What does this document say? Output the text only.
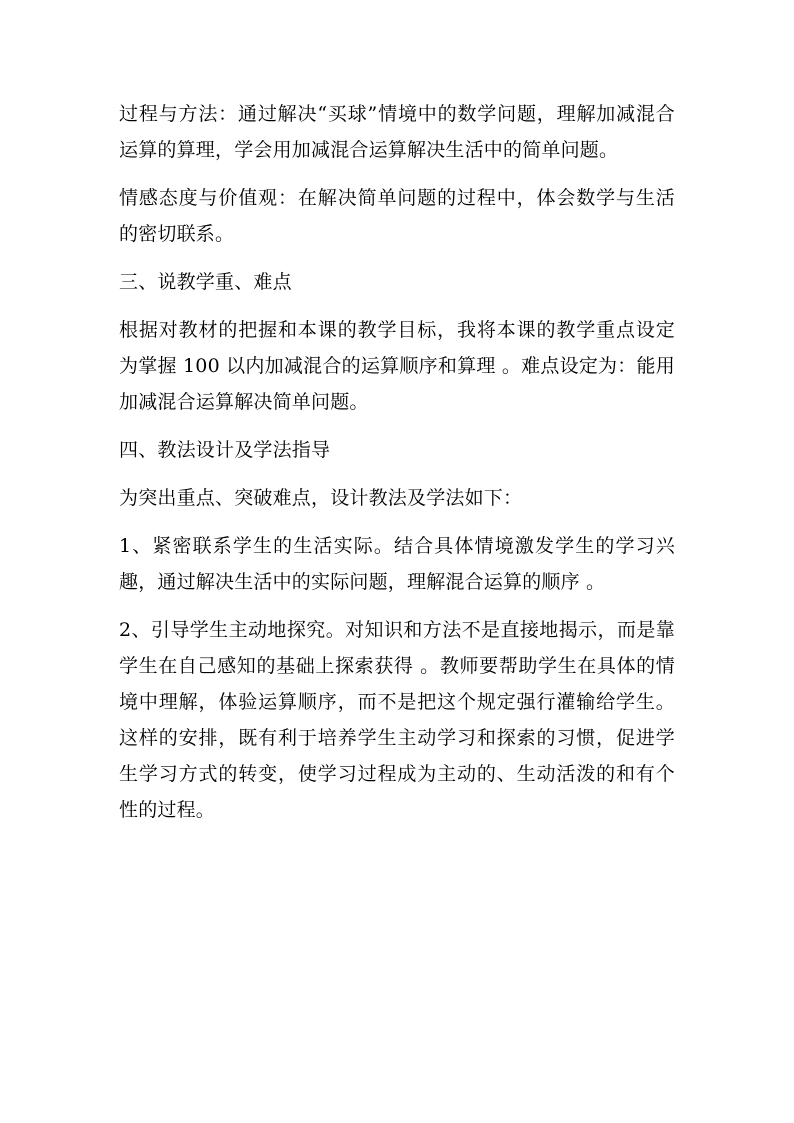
过程与方法：通过解决“买球”情境中的数学问题，理解加减混合运算的算理，学会用加减混合运算解决生活中的简单问题。

情感态度与价值观：在解决简单问题的过程中，体会数学与生活的密切联系。

三、说教学重、难点

根据对教材的把握和本课的教学目标，我将本课的教学重点设定为掌握 100 以内加减混合的运算顺序和算理 。难点设定为：能用加减混合运算解决简单问题。

四、教法设计及学法指导

为突出重点、突破难点，设计教法及学法如下：

1、紧密联系学生的生活实际。结合具体情境激发学生的学习兴趣，通过解决生活中的实际问题，理解混合运算的顺序 。

2、引导学生主动地探究。对知识和方法不是直接地揭示，而是靠学生在自己感知的基础上探索获得 。教师要帮助学生在具体的情境中理解，体验运算顺序，而不是把这个规定强行灌输给学生。这样的安排，既有利于培养学生主动学习和探索的习惯，促进学生学习方式的转变，使学习过程成为主动的、生动活泼的和有个性的过程。
